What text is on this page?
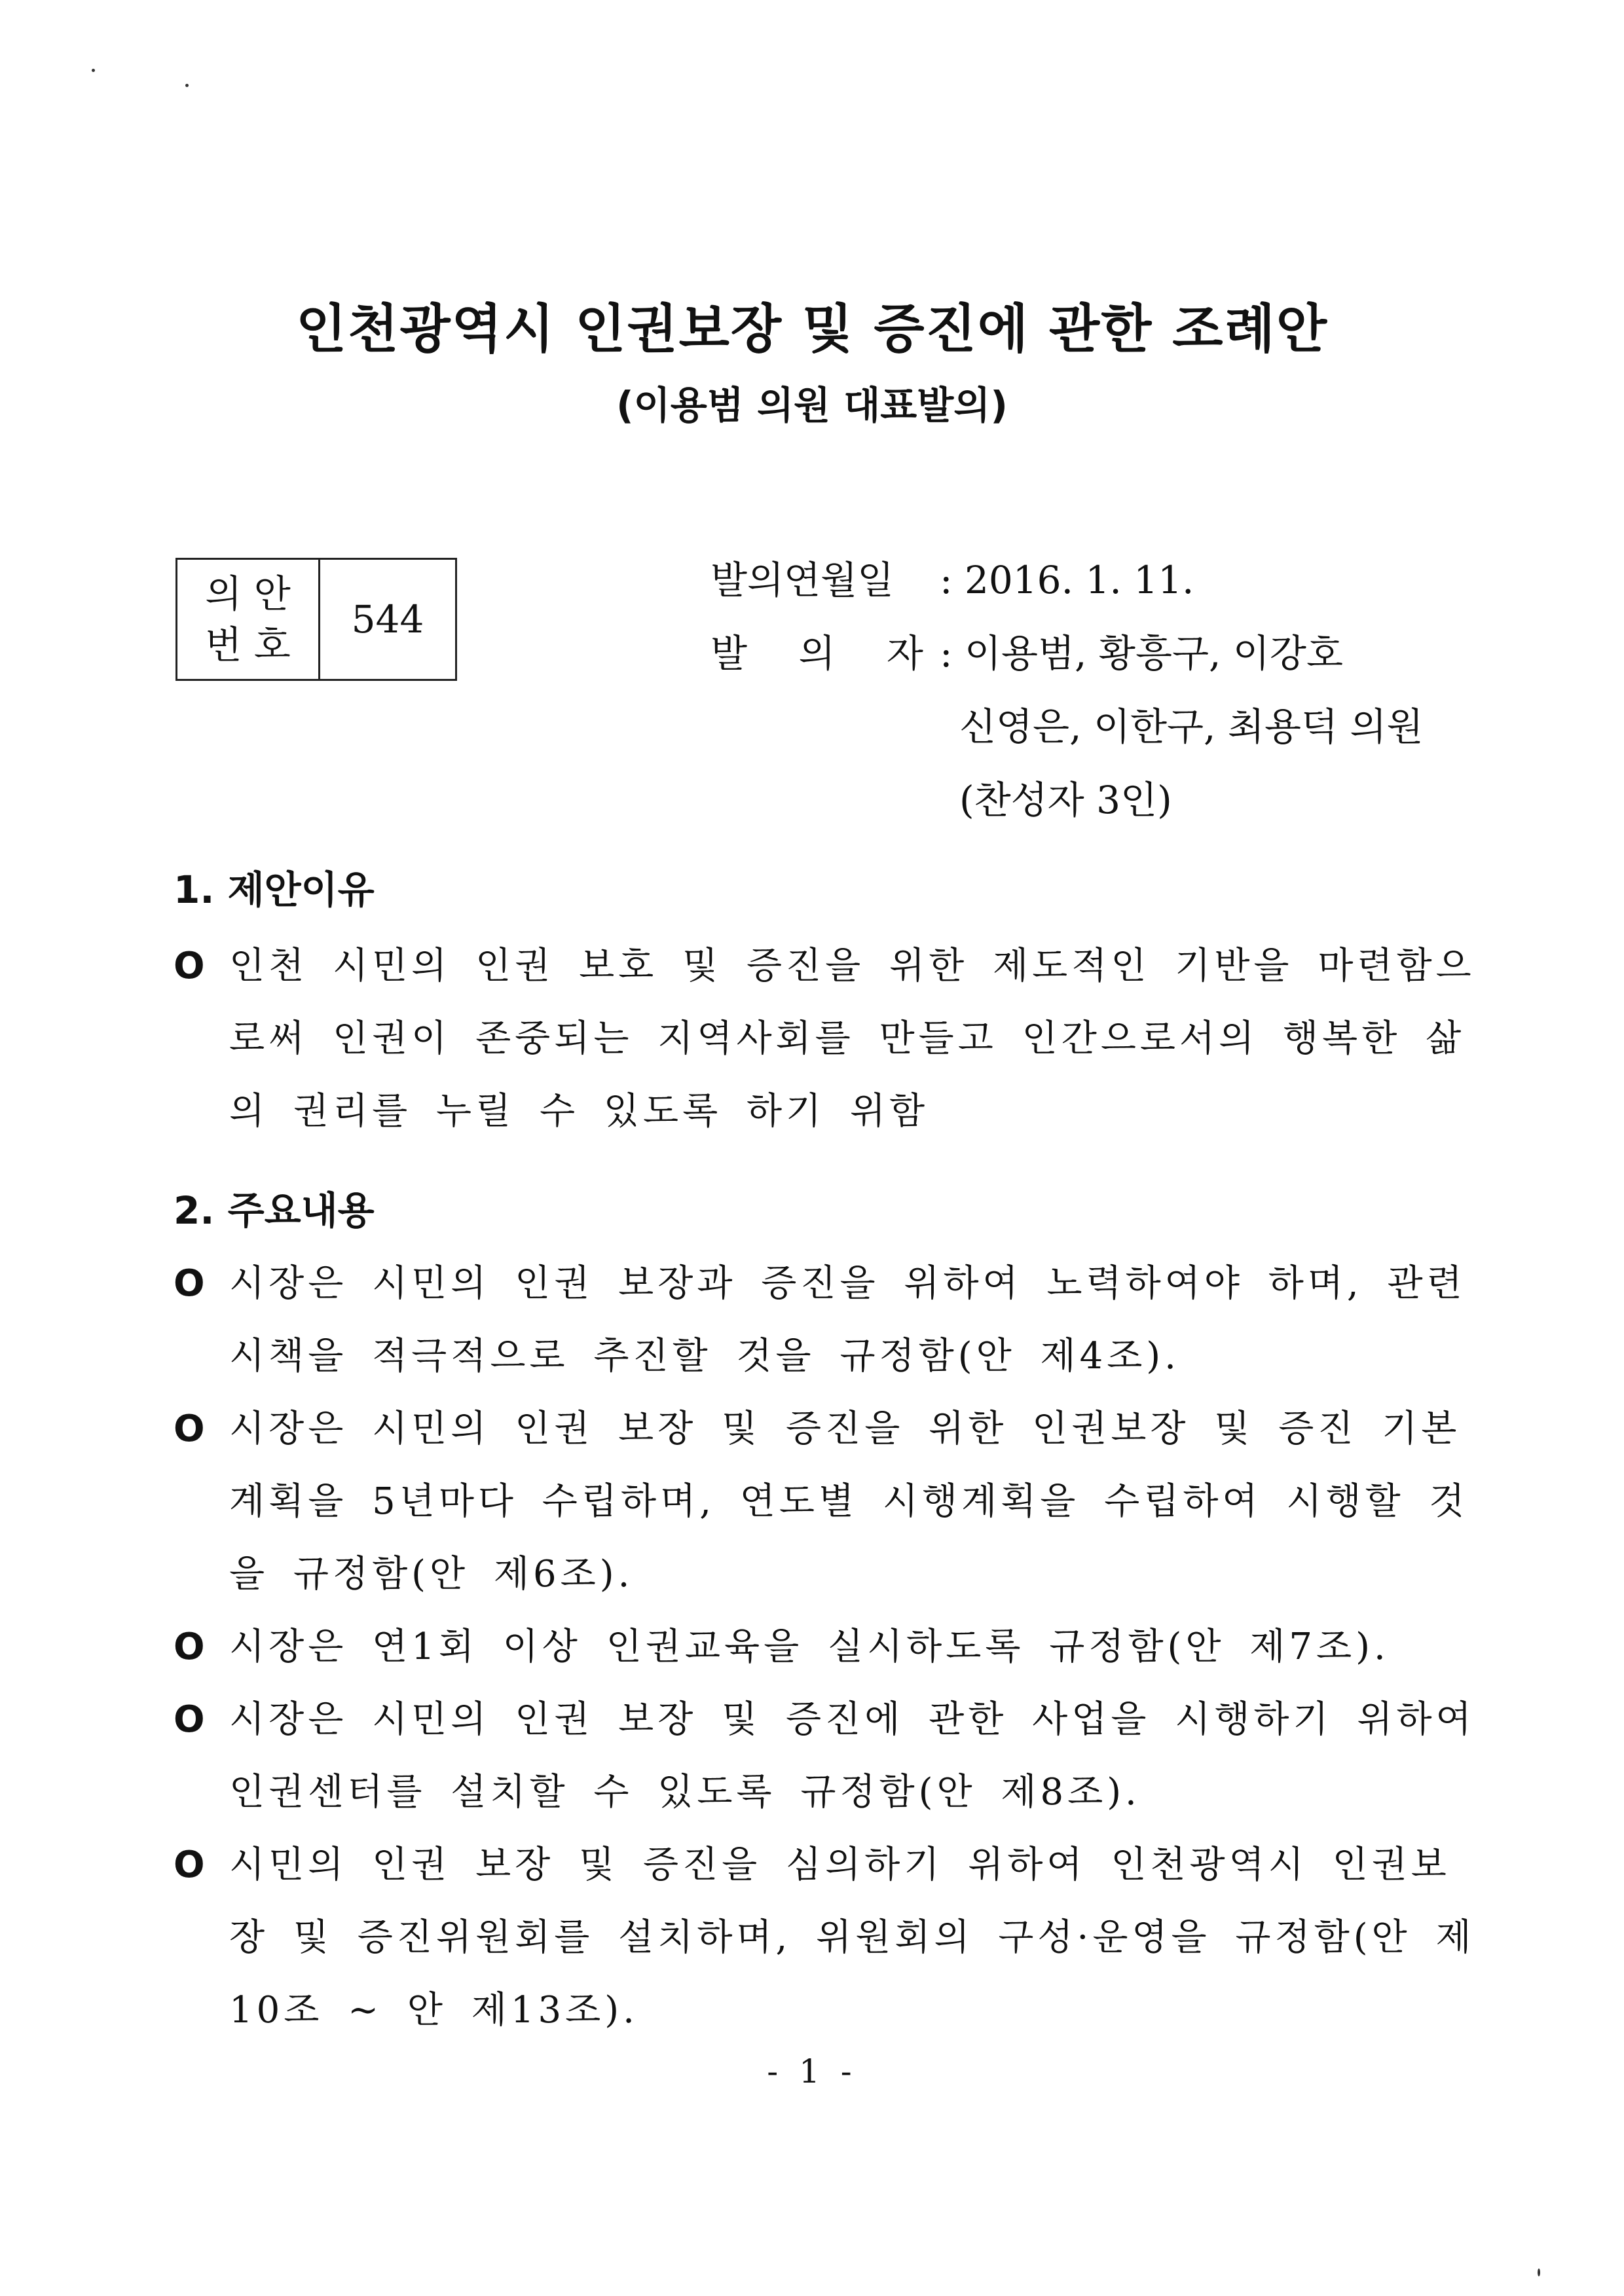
인천광역시 인권보장 및 증진에 관한 조례안
(이용범 의원 대표발의)
의 안
번 호
	544
발의연월일 : 2016. 1. 11.
발 의 자: 이용범, 황흥구, 이강호
신영은, 이한구, 최용덕 의원
(찬성자 3인)
1. 제안이유
O 인천 시민의 인권 보호 및 증진을 위한 제도적인 기반을 마련함으로써 인권이 존중되는 지역사회를 만들고 인간으로서의 행복한 삶의 권리를 누릴 수 있도록 하기 위함
2. 주요내용
O 시장은 시민의 인권 보장과 증진을 위하여 노력하여야 하며, 관련 시책을 적극적으로 추진할 것을 규정함(안 제4조).
O 시장은 시민의 인권 보장 및 증진을 위한 인권보장 및 증진 기본계획을 5년마다 수립하며, 연도별 시행계획을 수립하여 시행할 것을 규정함(안 제6조).
O 시장은 연1회 이상 인권교육을 실시하도록 규정함(안 제7조).
O 시장은 시민의 인권 보장 및 증진에 관한 사업을 시행하기 위하여 인권센터를 설치할 수 있도록 규정함(안 제8조).
O 시민의 인권 보장 및 증진을 심의하기 위하여 인천광역시 인권보장 및 증진위원회를 설치하며, 위원회의 구성·운영을 규정함(안 제10조 ~ 안 제13조).
- 1 -
